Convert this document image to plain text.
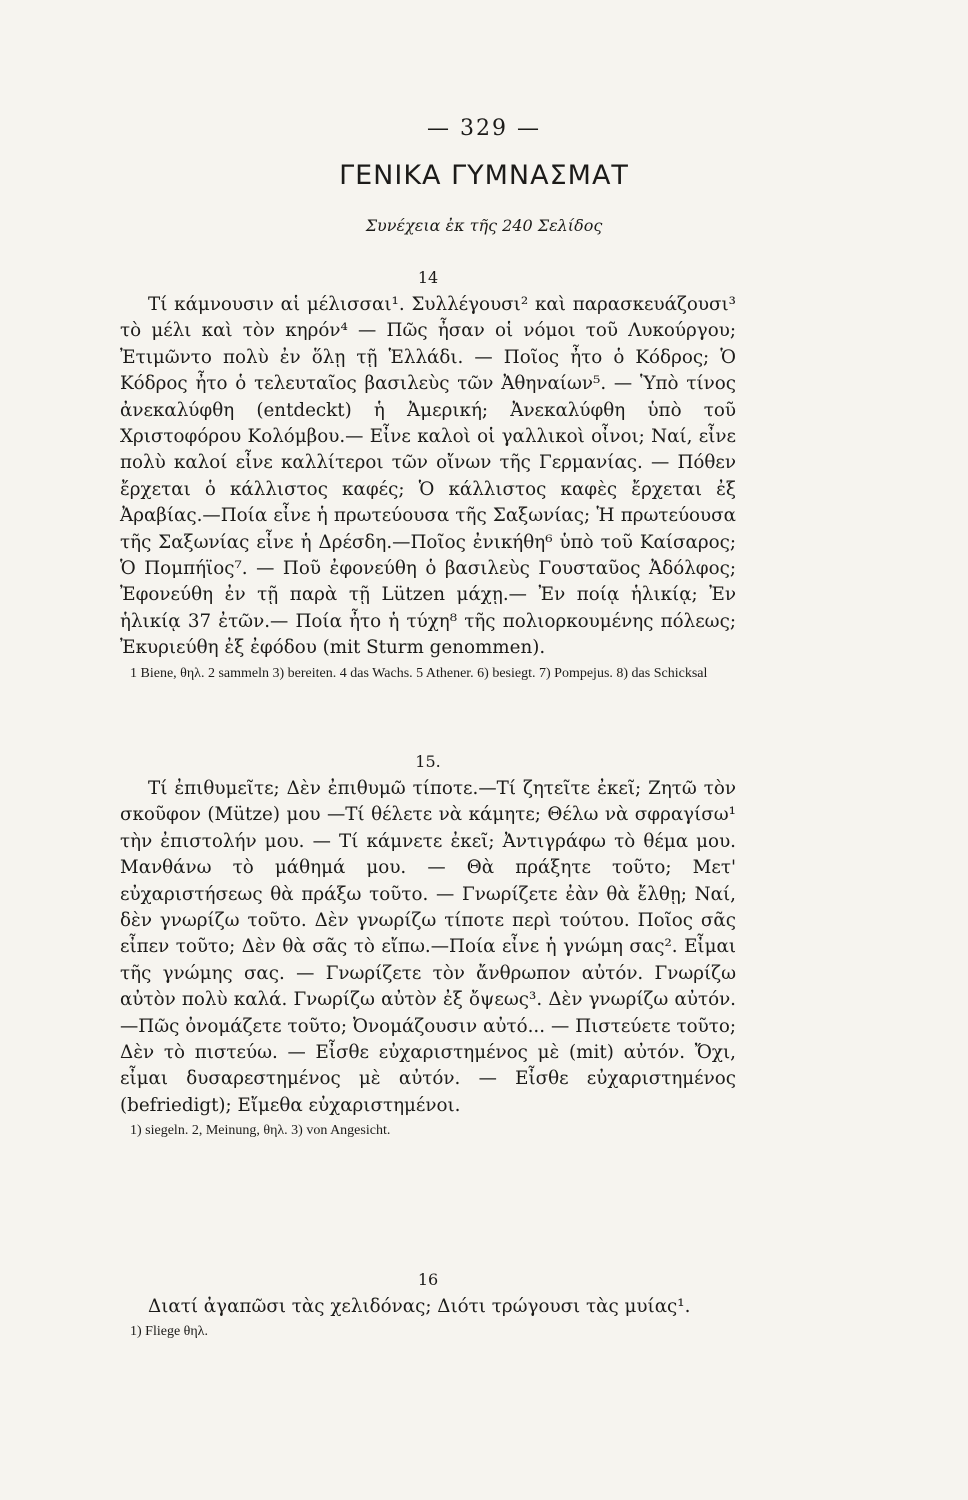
— 329 —
ΓΕΝΙΚΑ ΓΥΜΝΑΣΜΑΤ
Συνέχεια ἐκ τῆς 240 Σελίδος

14

Τί κάμνουσιν αἱ μέλισσαι¹. Συλλέγουσι² καὶ παρασκευάζουσι³ τὸ μέλι καὶ τὸν κηρόν⁴ — Πῶς ἦσαν οἱ νόμοι τοῦ Λυκούργου; Ἐτιμῶντο πολὺ ἐν ὅλῃ τῇ Ἑλλάδι. — Ποῖος ἦτο ὁ Κόδρος; Ὁ Κόδρος ἦτο ὁ τελευταῖος βασιλεὺς τῶν Ἀθηναίων⁵. — Ὑπὸ τίνος ἀνεκαλύφθη (entdeckt) ἡ Ἀμερική; Ἀνεκαλύφθη ὑπὸ τοῦ Χριστοφόρου Κολόμβου.— Εἶνε καλοὶ οἱ γαλλικοὶ οἶνοι; Ναί, εἶνε πολὺ καλοί εἶνε καλλίτεροι τῶν οἴνων τῆς Γερμανίας. — Πόθεν ἔρχεται ὁ κάλλιστος καφές; Ὁ κάλλιστος καφὲς ἔρχεται ἐξ Ἀραβίας.—Ποία εἶνε ἡ πρωτεύουσα τῆς Σαξωνίας; Ἡ πρωτεύουσα τῆς Σαξωνίας εἶνε ἡ Δρέσδη.—Ποῖος ἐνικήθη⁶ ὑπὸ τοῦ Καίσαρος; Ὁ Πομπήϊος⁷. — Ποῦ ἐφονεύθη ὁ βασιλεὺς Γουσταῦος Ἀδόλφος; Ἐφονεύθη ἐν τῇ παρὰ τῇ Lützen μάχῃ.— Ἐν ποίᾳ ἡλικίᾳ; Ἐν ἡλικίᾳ 37 ἐτῶν.— Ποία ἦτο ἡ τύχη⁸ τῆς πολιορκουμένης πόλεως; Ἐκυριεύθη ἐξ ἐφόδου (mit Sturm genommen).

1 Biene, θηλ. 2 sammeln 3) bereiten. 4 das Wachs. 5 Athener. 6) besiegt. 7) Pompejus. 8) das Schicksal

15.

Τί ἐπιθυμεῖτε; Δὲν ἐπιθυμῶ τίποτε.—Τί ζητεῖτε ἐκεῖ; Ζητῶ τὸν σκοῦφον (Mütze) μου —Τί θέλετε νὰ κάμητε; Θέλω νὰ σφραγίσω¹ τὴν ἐπιστολήν μου. — Τί κάμνετε ἐκεῖ; Ἀντιγράφω τὸ θέμα μου. Μανθάνω τὸ μάθημά μου. — Θὰ πράξητε τοῦτο; Μετ' εὐχαριστήσεως θὰ πράξω τοῦτο. — Γνωρίζετε ἐὰν θὰ ἔλθῃ; Ναί, δὲν γνωρίζω τοῦτο. Δὲν γνωρίζω τίποτε περὶ τούτου. Ποῖος σᾶς εἶπεν τοῦτο; Δὲν θὰ σᾶς τὸ εἴπω.—Ποία εἶνε ἡ γνώμη σας². Εἶμαι τῆς γνώμης σας. — Γνωρίζετε τὸν ἄνθρωπον αὐτόν. Γνωρίζω αὐτὸν πολὺ καλά. Γνωρίζω αὐτὸν ἐξ ὄψεως³. Δὲν γνωρίζω αὐτόν.—Πῶς ὀνομάζετε τοῦτο; Ὀνομάζουσιν αὐτό... — Πιστεύετε τοῦτο; Δὲν τὸ πιστεύω. — Εἶσθε εὐχαριστημένος μὲ (mit) αὐτόν. Ὄχι, εἶμαι δυσαρεστημένος μὲ αὐτόν. — Εἶσθε εὐχαριστημένος (befriedigt); Εἴμεθα εὐχαριστημένοι.

1) siegeln. 2, Meinung, θηλ. 3) von Angesicht.

16

Διατί ἀγαπῶσι τὰς χελιδόνας; Διότι τρώγουσι τὰς μυίας¹.

1) Fliege θηλ.
